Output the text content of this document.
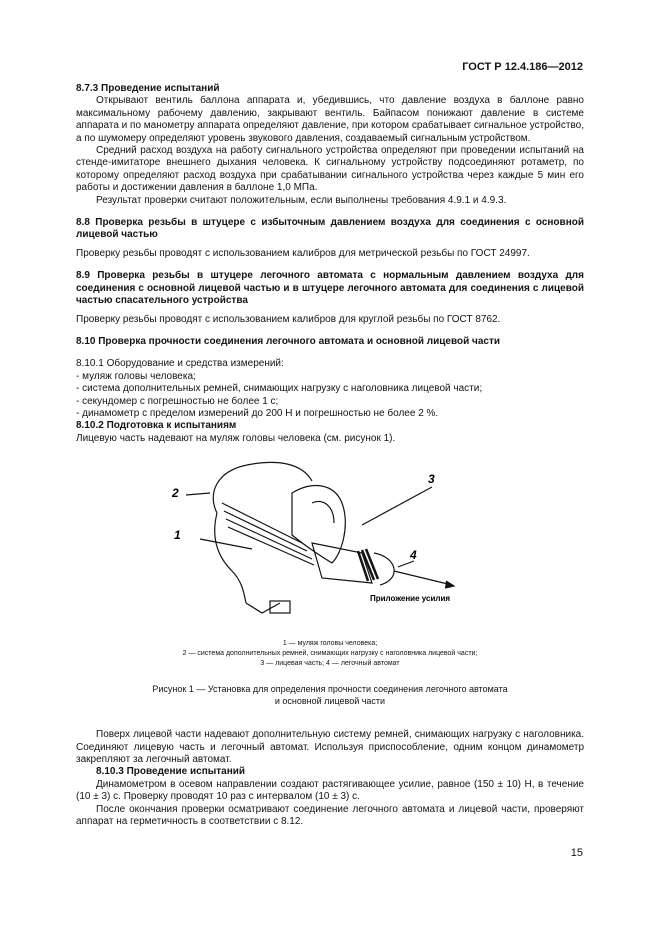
ГОСТ Р 12.4.186—2012

8.7.3 Проведение испытаний

Открывают вентиль баллона аппарата и, убедившись, что давление воздуха в баллоне равно максимальному рабочему давлению, закрывают вентиль. Байпасом понижают давление в системе аппарата и по манометру аппарата определяют давление, при котором срабатывает сигнальное устройство, а по шумомеру определяют уровень звукового давления, создаваемый сигнальным устройством.

Средний расход воздуха на работу сигнального устройства определяют при проведении испытаний на стенде-имитаторе внешнего дыхания человека. К сигнальному устройству подсоединяют ротаметр, по которому определяют расход воздуха при срабатывании сигнального устройства через каждые 5 мин его работы и достижении давления в баллоне 1,0 МПа.

Результат проверки считают положительным, если выполнены требования 4.9.1 и 4.9.3.

8.8 Проверка резьбы в штуцере с избыточным давлением воздуха для соединения с основной лицевой частью

Проверку резьбы проводят с использованием калибров для метрической резьбы по ГОСТ 24997.

8.9 Проверка резьбы в штуцере легочного автомата с нормальным давлением воздуха для соединения с основной лицевой частью и в штуцере легочного автомата для соединения с лицевой частью спасательного устройства

Проверку резьбы проводят с использованием калибров для круглой резьбы по ГОСТ 8762.

8.10 Проверка прочности соединения легочного автомата и основной лицевой части

8.10.1 Оборудование и средства измерений:

- муляж головы человека;

- система дополнительных ремней, снимающих нагрузку с наголовника лицевой части;

- секундомер с погрешностью не более 1 с;

- динамометр с пределом измерений до 200 Н и погрешностью не более 2 %.

8.10.2 Подготовка к испытаниям

Лицевую часть надевают на муляж головы человека (см. рисунок 1).

1
2
3
4
Приложение усилия

1 — муляж головы человека;

2 — система дополнительных ремней, снимающих нагрузку с наголовника лицевой части;

3 — лицевая часть; 4 — легочный автомат

Рисунок 1 — Установка для определения прочности соединения легочного автомата

и основной лицевой части

Поверх лицевой части надевают дополнительную систему ремней, снимающих нагрузку с наголовника. Соединяют лицевую часть и легочный автомат. Используя приспособление, одним концом динамометр закрепляют за легочный автомат.

8.10.3 Проведение испытаний

Динамометром в осевом направлении создают растягивающее усилие, равное (150 ± 10) Н, в течение (10 ± 3) с. Проверку проводят 10 раз с интервалом (10 ± 3) с.

После окончания проверки осматривают соединение легочного автомата и лицевой части, проверяют аппарат на герметичность в соответствии с 8.12.

15
